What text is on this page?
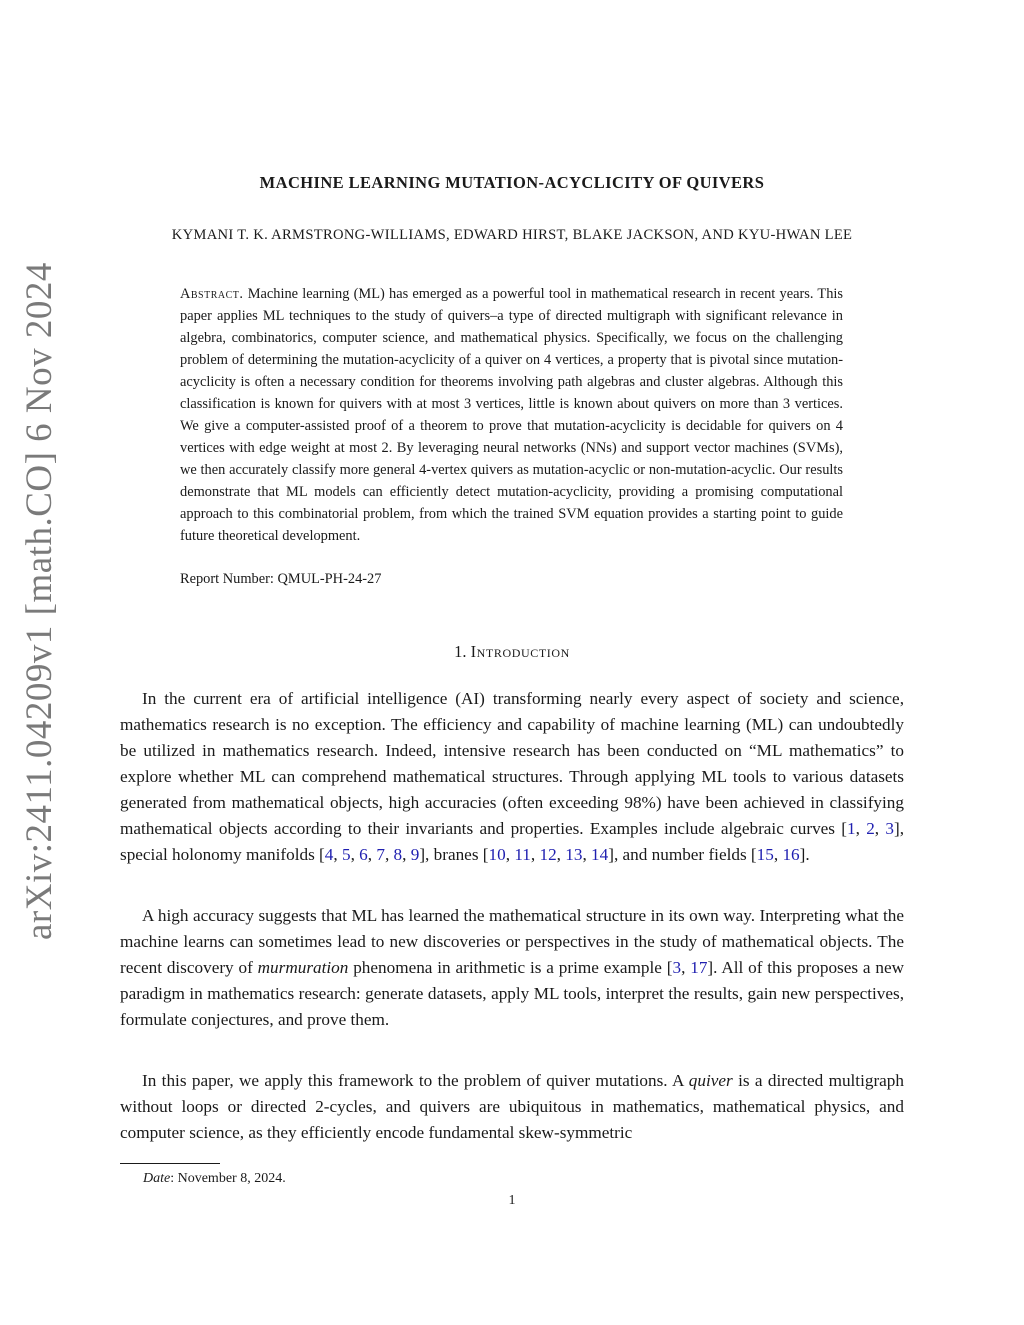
arXiv:2411.04209v1 [math.CO] 6 Nov 2024
MACHINE LEARNING MUTATION-ACYCLICITY OF QUIVERS
KYMANI T. K. ARMSTRONG-WILLIAMS, EDWARD HIRST, BLAKE JACKSON, AND KYU-HWAN LEE
Abstract. Machine learning (ML) has emerged as a powerful tool in mathematical research in recent years. This paper applies ML techniques to the study of quivers–a type of directed multigraph with significant relevance in algebra, combinatorics, computer science, and mathematical physics. Specifically, we focus on the challenging problem of determining the mutation-acyclicity of a quiver on 4 vertices, a property that is pivotal since mutation-acyclicity is often a necessary condition for theorems involving path algebras and cluster algebras. Although this classification is known for quivers with at most 3 vertices, little is known about quivers on more than 3 vertices. We give a computer-assisted proof of a theorem to prove that mutation-acyclicity is decidable for quivers on 4 vertices with edge weight at most 2. By leveraging neural networks (NNs) and support vector machines (SVMs), we then accurately classify more general 4-vertex quivers as mutation-acyclic or non-mutation-acyclic. Our results demonstrate that ML models can efficiently detect mutation-acyclicity, providing a promising computational approach to this combinatorial problem, from which the trained SVM equation provides a starting point to guide future theoretical development.
Report Number: QMUL-PH-24-27
1. Introduction

In the current era of artificial intelligence (AI) transforming nearly every aspect of society and science, mathematics research is no exception. The efficiency and capability of machine learning (ML) can undoubtedly be utilized in mathematics research. Indeed, intensive research has been conducted on “ML mathematics” to explore whether ML can comprehend mathematical structures. Through applying ML tools to various datasets generated from mathematical objects, high accuracies (often exceeding 98%) have been achieved in classifying mathematical objects according to their invariants and properties. Examples include algebraic curves [1, 2, 3], special holonomy manifolds [4, 5, 6, 7, 8, 9], branes [10, 11, 12, 13, 14], and number fields [15, 16].

A high accuracy suggests that ML has learned the mathematical structure in its own way. Interpreting what the machine learns can sometimes lead to new discoveries or perspectives in the study of mathematical objects. The recent discovery of murmuration phenomena in arithmetic is a prime example [3, 17]. All of this proposes a new paradigm in mathematics research: generate datasets, apply ML tools, interpret the results, gain new perspectives, formulate conjectures, and prove them.

In this paper, we apply this framework to the problem of quiver mutations. A quiver is a directed multigraph without loops or directed 2-cycles, and quivers are ubiquitous in mathematics, mathematical physics, and computer science, as they efficiently encode fundamental skew-symmetric

Date: November 8, 2024.
1
